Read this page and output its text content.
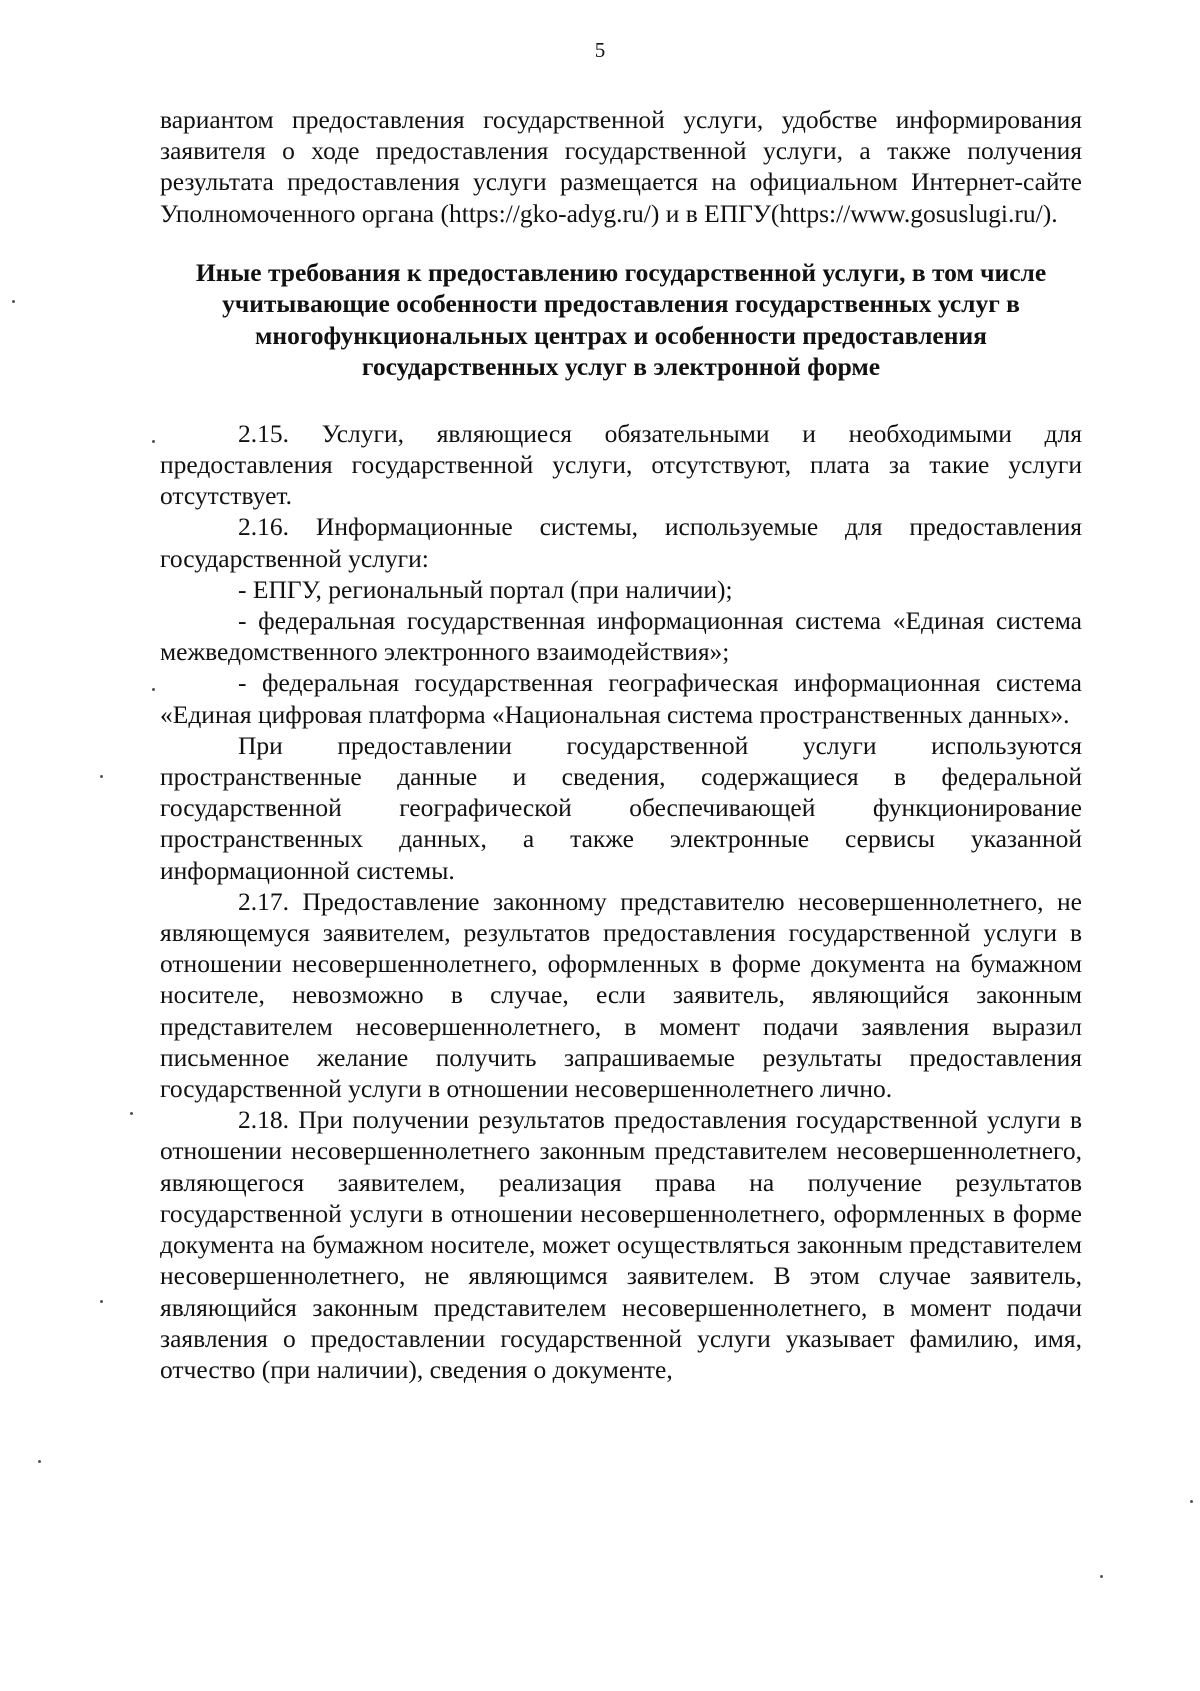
5

вариантом предоставления государственной услуги, удобстве информирования заявителя о ходе предоставления государственной услуги, а также получения результата предоставления услуги размещается на официальном Интернет-сайте Уполномоченного органа (https://gko-adyg.ru/) и в ЕПГУ(https://www.gosuslugi.ru/).

Иные требования к предоставлению государственной услуги, в том числе учитывающие особенности предоставления государственных услуг в многофункциональных центрах и особенности предоставления государственных услуг в электронной форме

2.15. Услуги, являющиеся обязательными и необходимыми для предоставления государственной услуги, отсутствуют, плата за такие услуги отсутствует.

2.16. Информационные системы, используемые для предоставления государственной услуги:

- ЕПГУ, региональный портал (при наличии);

- федеральная государственная информационная система «Единая система межведомственного электронного взаимодействия»;

- федеральная государственная географическая информационная система «Единая цифровая платформа «Национальная система пространственных данных».

При предоставлении государственной услуги используются пространственные данные и сведения, содержащиеся в федеральной государственной географической обеспечивающей функционирование пространственных данных, а также электронные сервисы указанной информационной системы.

2.17. Предоставление законному представителю несовершеннолетнего, не являющемуся заявителем, результатов предоставления государственной услуги в отношении несовершеннолетнего, оформленных в форме документа на бумажном носителе, невозможно в случае, если заявитель, являющийся законным представителем несовершеннолетнего, в момент подачи заявления выразил письменное желание получить запрашиваемые результаты предоставления государственной услуги в отношении несовершеннолетнего лично.

2.18. При получении результатов предоставления государственной услуги в отношении несовершеннолетнего законным представителем несовершеннолетнего, являющегося заявителем, реализация права на получение результатов государственной услуги в отношении несовершеннолетнего, оформленных в форме документа на бумажном носителе, может осуществляться законным представителем несовершеннолетнего, не являющимся заявителем. В этом случае заявитель, являющийся законным представителем несовершеннолетнего, в момент подачи заявления о предоставлении государственной услуги указывает фамилию, имя, отчество (при наличии), сведения о документе,
